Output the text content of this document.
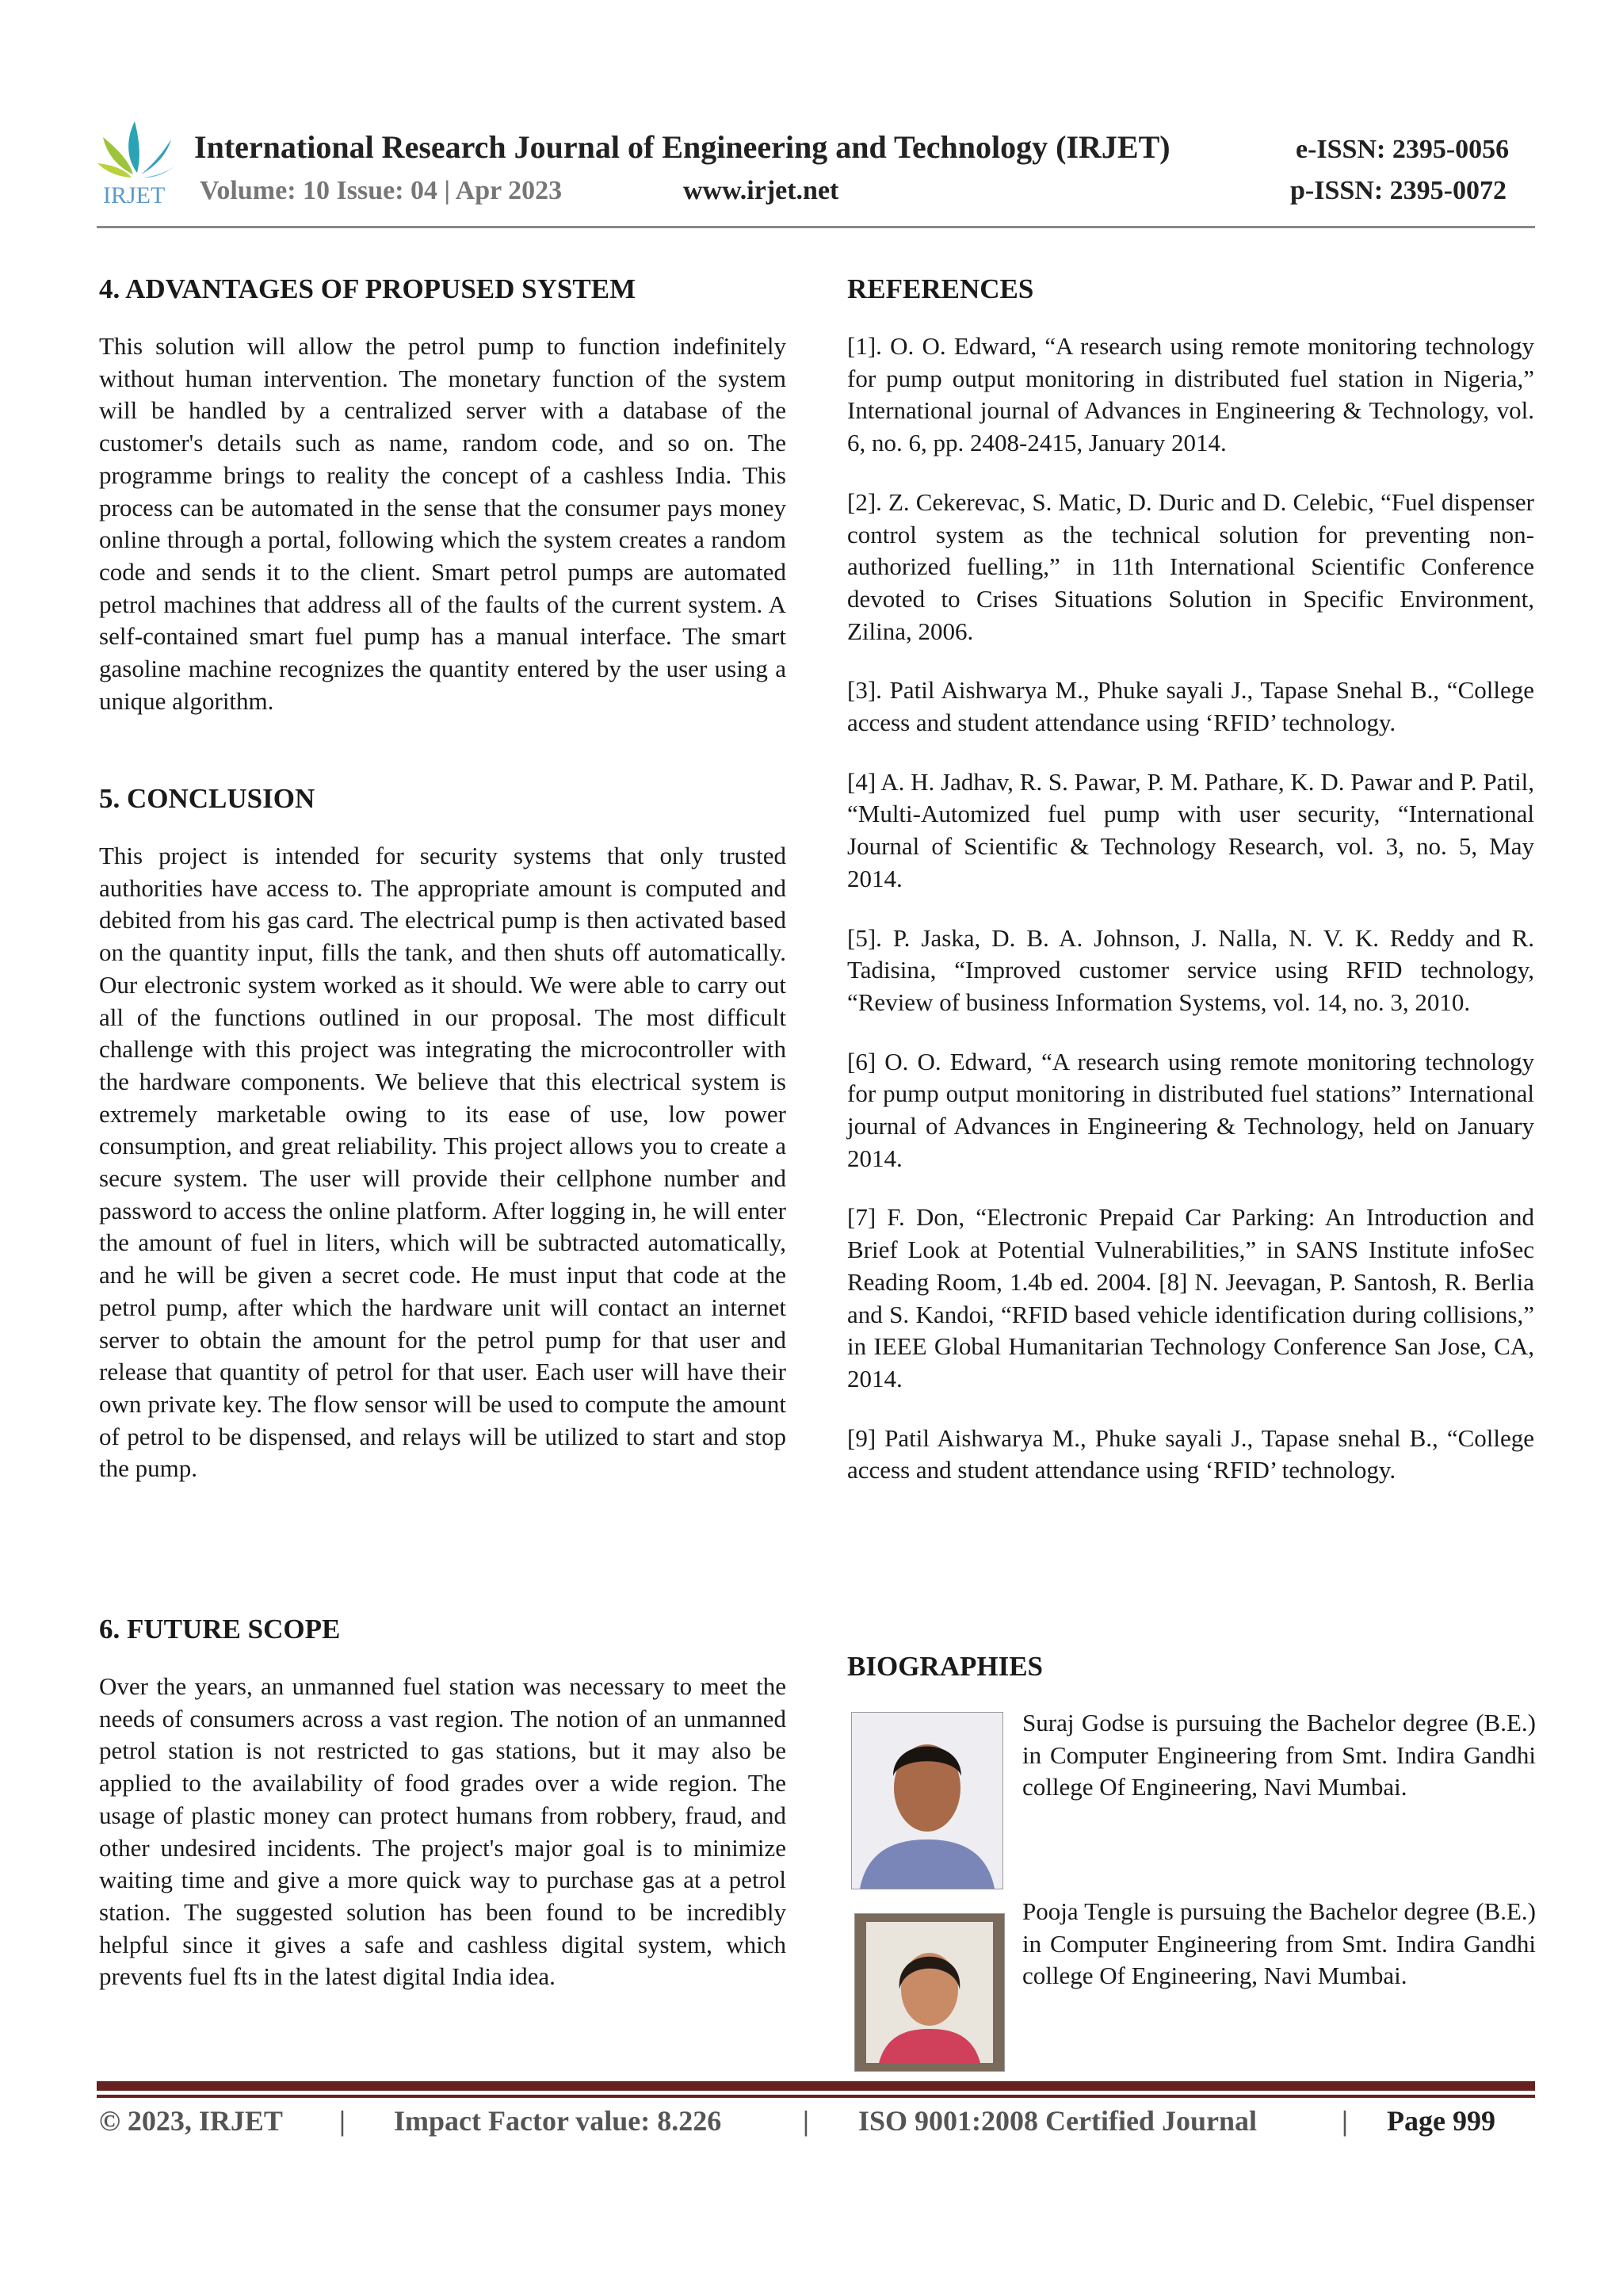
IRJET
International Research Journal of Engineering and Technology (IRJET)
Volume: 10 Issue: 04 | Apr 2023	www.irjet.net
e-ISSN: 2395-0056
p-ISSN: 2395-0072
4. ADVANTAGES OF PROPUSED SYSTEM

This solution will allow the petrol pump to function indefinitely without human intervention. The monetary function of the system will be handled by a centralized server with a database of the customer's details such as name, random code, and so on. The programme brings to reality the concept of a cashless India. This process can be automated in the sense that the consumer pays money online through a portal, following which the system creates a random code and sends it to the client. Smart petrol pumps are automated petrol machines that address all of the faults of the current system. A self-contained smart fuel pump has a manual interface. The smart gasoline machine recognizes the quantity entered by the user using a unique algorithm.

5. CONCLUSION

This project is intended for security systems that only trusted authorities have access to. The appropriate amount is computed and debited from his gas card. The electrical pump is then activated based on the quantity input, fills the tank, and then shuts off automatically. Our electronic system worked as it should. We were able to carry out all of the functions outlined in our proposal. The most difficult challenge with this project was integrating the microcontroller with the hardware components. We believe that this electrical system is extremely marketable owing to its ease of use, low power consumption, and great reliability. This project allows you to create a secure system. The user will provide their cellphone number and password to access the online platform. After logging in, he will enter the amount of fuel in liters, which will be subtracted automatically, and he will be given a secret code. He must input that code at the petrol pump, after which the hardware unit will contact an internet server to obtain the amount for the petrol pump for that user and release that quantity of petrol for that user. Each user will have their own private key. The flow sensor will be used to compute the amount of petrol to be dispensed, and relays will be utilized to start and stop the pump.

6. FUTURE SCOPE

Over the years, an unmanned fuel station was necessary to meet the needs of consumers across a vast region. The notion of an unmanned petrol station is not restricted to gas stations, but it may also be applied to the availability of food grades over a wide region. The usage of plastic money can protect humans from robbery, fraud, and other undesired incidents. The project's major goal is to minimize waiting time and give a more quick way to purchase gas at a petrol station. The suggested solution has been found to be incredibly helpful since it gives a safe and cashless digital system, which prevents fuel fts in the latest digital India idea.

REFERENCES

[1]. O. O. Edward, “A research using remote monitoring technology for pump output monitoring in distributed fuel station in Nigeria,” International journal of Advances in Engineering & Technology, vol. 6, no. 6, pp. 2408-2415, January 2014.

[2]. Z. Cekerevac, S. Matic, D. Duric and D. Celebic, “Fuel dispenser control system as the technical solution for preventing non-authorized fuelling,” in 11th International Scientific Conference devoted to Crises Situations Solution in Specific Environment, Zilina, 2006.

[3]. Patil Aishwarya M., Phuke sayali J., Tapase Snehal B., “College access and student attendance using ‘RFID’ technology.

[4] A. H. Jadhav, R. S. Pawar, P. M. Pathare, K. D. Pawar and P. Patil, “Multi-Automized fuel pump with user security, “International Journal of Scientific & Technology Research, vol. 3, no. 5, May 2014.

[5]. P. Jaska, D. B. A. Johnson, J. Nalla, N. V. K. Reddy and R. Tadisina, “Improved customer service using RFID technology, “Review of business Information Systems, vol. 14, no. 3, 2010.

[6] O. O. Edward, “A research using remote monitoring technology for pump output monitoring in distributed fuel stations” International journal of Advances in Engineering & Technology, held on January 2014.

[7] F. Don, “Electronic Prepaid Car Parking: An Introduction and Brief Look at Potential Vulnerabilities,” in SANS Institute infoSec Reading Room, 1.4b ed. 2004. [8] N. Jeevagan, P. Santosh, R. Berlia and S. Kandoi, “RFID based vehicle identification during collisions,” in IEEE Global Humanitarian Technology Conference San Jose, CA, 2014.

[9] Patil Aishwarya M., Phuke sayali J., Tapase snehal B., “College access and student attendance using ‘RFID’ technology.

BIOGRAPHIES
Suraj Godse is pursuing the Bachelor degree (B.E.) in Computer Engineering from Smt. Indira Gandhi college Of Engineering, Navi Mumbai.
Pooja Tengle is pursuing the Bachelor degree (B.E.) in Computer Engineering from Smt. Indira Gandhi college Of Engineering, Navi Mumbai.
© 2023, IRJET | Impact Factor value: 8.226	| ISO 9001:2008 Certified Journal	| Page 999
